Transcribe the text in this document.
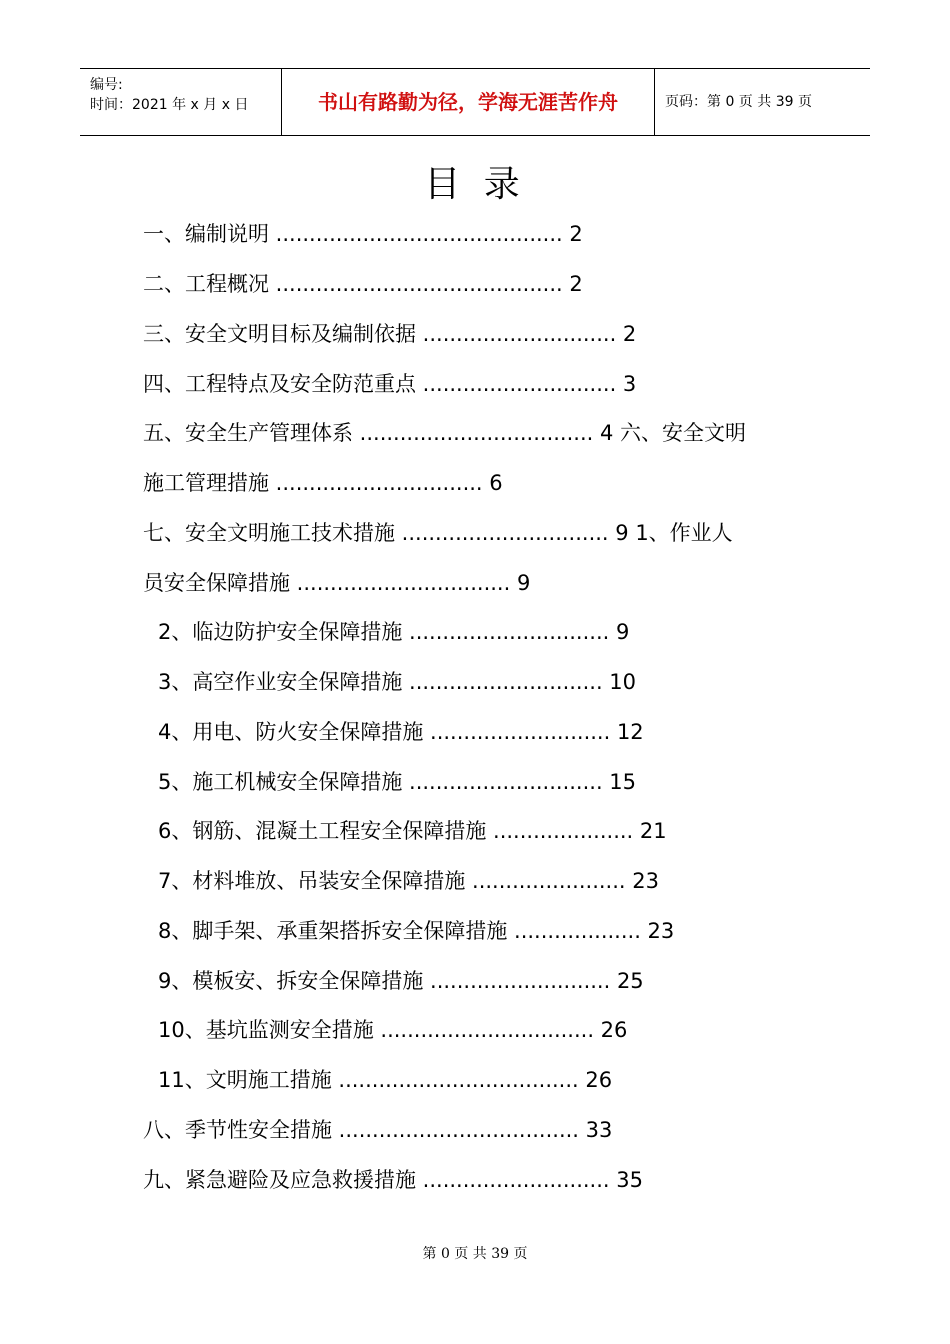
编号:
时间：2021 年 x 月 x 日	书山有路勤为径，学海无涯苦作舟	页码：第 0 页 共 39 页
目 录
一、编制说明 ........................................... 2
二、工程概况 ........................................... 2
三、安全文明目标及编制依据 ............................. 2
四、工程特点及安全防范重点 ............................. 3
五、安全生产管理体系 ................................... 4 六、安全文明
施工管理措施 ............................... 6
七、安全文明施工技术措施 ............................... 9 1、作业人
员安全保障措施 ................................ 9
2、临边防护安全保障措施 .............................. 9
3、高空作业安全保障措施 ............................. 10
4、用电、防火安全保障措施 ........................... 12
5、施工机械安全保障措施 ............................. 15
6、钢筋、混凝土工程安全保障措施 ..................... 21
7、材料堆放、吊装安全保障措施 ....................... 23
8、脚手架、承重架搭拆安全保障措施 ................... 23
9、模板安、拆安全保障措施 ........................... 25
10、基坑监测安全措施 ................................ 26
11、文明施工措施 .................................... 26
八、季节性安全措施 .................................... 33
九、紧急避险及应急救援措施 ............................ 35
第 0 页 共 39 页
